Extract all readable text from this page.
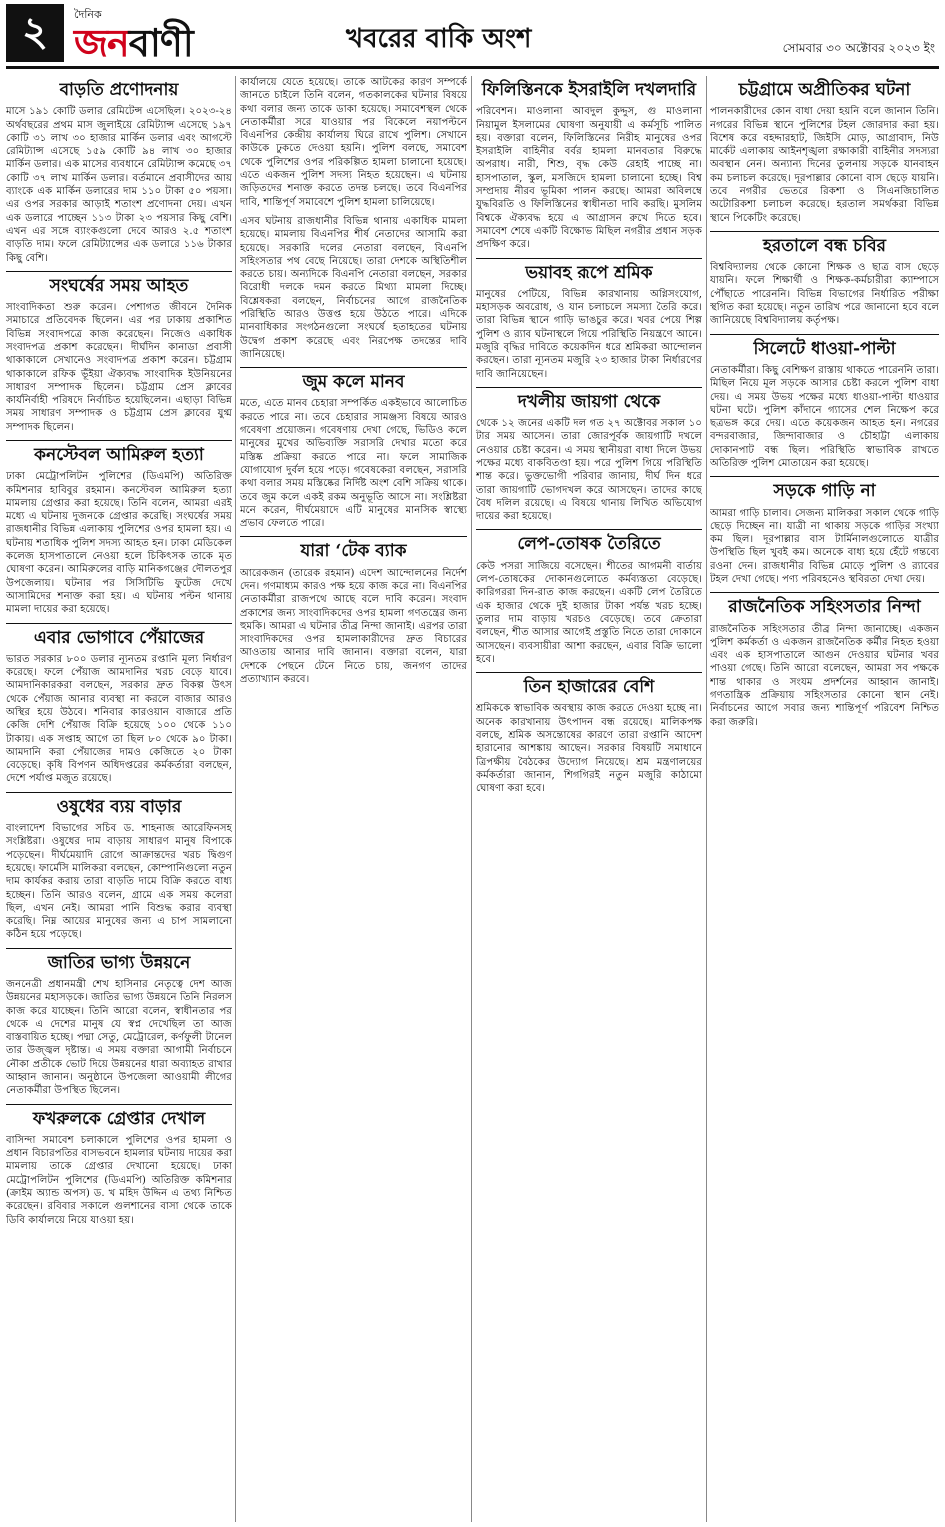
২	দৈনিক
জনবাণী	খবরের বাকি অংশ	সোমবার ৩০ অক্টোবর ২০২৩ ইং
বাড়তি প্রণোদনায়
মাসে ১৯১ কোটি ডলার রেমিটেন্স এসেছিল। ২০২৩-২৪ অর্থবছরের প্রথম মাস জুলাইয়ে রেমিট্যান্স এসেছে ১৯৭ কোটি ৩১ লাখ ৩০ হাজার মার্কিন ডলার এবং আগস্টে রেমিট্যান্স এসেছে ১৫৯ কোটি ৯৪ লাখ ৩০ হাজার মার্কিন ডলার। এক মাসের ব্যবধানে রেমিট্যান্স কমেছে ৩৭ কোটি ৩৭ লাখ মার্কিন ডলার। বর্তমানে প্রবাসীদের আয় ব্যাংকে এক মার্কিন ডলারের দাম ১১০ টাকা ৫০ পয়সা। এর ওপর সরকার আড়াই শতাংশ প্রণোদনা দেয়। এখন এক ডলারে পাচ্ছেন ১১৩ টাকা ২৩ পয়সার কিছু বেশি। এখন এর সঙ্গে ব্যাংকগুলো দেবে আরও ২.৫ শতাংশ বাড়তি দাম। ফলে রেমিট্যান্সের এক ডলারে ১১৬ টাকার কিছু বেশি।
সংঘর্ষের সময় আহত
সাংবাদিকতা শুরু করেন। পেশাগত জীবনে দৈনিক সমাচারে প্রতিবেদক ছিলেন। এর পর ঢাকায় প্রকাশিত বিভিন্ন সংবাদপত্রে কাজ করেছেন। নিজেও একাধিক সংবাদপত্র প্রকাশ করেছেন। দীর্ঘদিন কানাডা প্রবাসী থাকাকালে সেখানেও সংবাদপত্র প্রকাশ করেন। চট্টগ্রাম থাকাকালে রফিক ভূঁইয়া ঐক্যবদ্ধ সাংবাদিক ইউনিয়নের সাধারণ সম্পাদক ছিলেন। চট্টগ্রাম প্রেস ক্লাবের কার্যনির্বাহী পরিষদে নির্বাচিত হয়েছিলেন। এছাড়া বিভিন্ন সময় সাধারণ সম্পাদক ও চট্টগ্রাম প্রেস ক্লাবের যুগ্ম সম্পাদক ছিলেন।
কনস্টেবল আমিরুল হত্যা
ঢাকা মেট্রোপলিটন পুলিশের (ডিএমপি) অতিরিক্ত কমিশনার হাবিবুর রহমান। কনস্টেবল আমিরুল হত্যা মামলায় গ্রেপ্তার করা হয়েছে। তিনি বলেন, আমরা এরই মধ্যে এ ঘটনায় দুজনকে গ্রেপ্তার করেছি। সংঘর্ষের সময় রাজধানীর বিভিন্ন এলাকায় পুলিশের ওপর হামলা হয়। এ ঘটনায় শতাধিক পুলিশ সদস্য আহত হন। ঢাকা মেডিকেল কলেজ হাসপাতালে নেওয়া হলে চিকিৎসক তাকে মৃত ঘোষণা করেন। আমিরুলের বাড়ি মানিকগঞ্জের দৌলতপুর উপজেলায়। ঘটনার পর সিসিটিভি ফুটেজ দেখে আসামিদের শনাক্ত করা হয়। এ ঘটনায় পল্টন থানায় মামলা দায়ের করা হয়েছে।
এবার ভোগাবে পেঁয়াজের
ভারত সরকার ৮০০ ডলার ন্যূনতম রপ্তানি মূল্য নির্ধারণ করেছে। ফলে পেঁয়াজ আমদানির খরচ বেড়ে যাবে। আমদানিকারকরা বলছেন, সরকার দ্রুত বিকল্প উৎস থেকে পেঁয়াজ আনার ব্যবস্থা না করলে বাজার আরও অস্থির হয়ে উঠবে। শনিবার কারওয়ান বাজারে প্রতি কেজি দেশি পেঁয়াজ বিক্রি হয়েছে ১০০ থেকে ১১০ টাকায়। এক সপ্তাহ আগে তা ছিল ৮০ থেকে ৯০ টাকা। আমদানি করা পেঁয়াজের দামও কেজিতে ২০ টাকা বেড়েছে। কৃষি বিপণন অধিদপ্তরের কর্মকর্তারা বলছেন, দেশে পর্যাপ্ত মজুত রয়েছে।
ওষুধের ব্যয় বাড়ার
বাংলাদেশ বিভাগের সচিব ড. শাহনাজ আরেফিনসহ সংশ্লিষ্টরা। ওষুধের দাম বাড়ায় সাধারণ মানুষ বিপাকে পড়েছেন। দীর্ঘমেয়াদি রোগে আক্রান্তদের খরচ দ্বিগুণ হয়েছে। ফার্মেসি মালিকরা বলছেন, কোম্পানিগুলো নতুন দাম কার্যকর করায় তারা বাড়তি দামে বিক্রি করতে বাধ্য হচ্ছেন। তিনি আরও বলেন, গ্রামে এক সময় কলেরা ছিল, এখন নেই। আমরা পানি বিশুদ্ধ করার ব্যবস্থা করেছি। নিম্ন আয়ের মানুষের জন্য এ চাপ সামলানো কঠিন হয়ে পড়েছে।
জাতির ভাগ্য উন্নয়নে
জননেত্রী প্রধানমন্ত্রী শেখ হাসিনার নেতৃত্বে দেশ আজ উন্নয়নের মহাসড়কে। জাতির ভাগ্য উন্নয়নে তিনি নিরলস কাজ করে যাচ্ছেন। তিনি আরো বলেন, স্বাধীনতার পর থেকে এ দেশের মানুষ যে স্বপ্ন দেখেছিল তা আজ বাস্তবায়িত হচ্ছে। পদ্মা সেতু, মেট্রোরেল, কর্ণফুলী টানেল তার উজ্জ্বল দৃষ্টান্ত। এ সময় বক্তারা আগামী নির্বাচনে নৌকা প্রতীকে ভোট দিয়ে উন্নয়নের ধারা অব্যাহত রাখার আহ্বান জানান। অনুষ্ঠানে উপজেলা আওয়ামী লীগের নেতাকর্মীরা উপস্থিত ছিলেন।
ফখরুলকে গ্রেপ্তার দেখাল
বাসিন্দা সমাবেশ চলাকালে পুলিশের ওপর হামলা ও প্রধান বিচারপতির বাসভবনে হামলার ঘটনায় দায়ের করা মামলায় তাকে গ্রেপ্তার দেখানো হয়েছে। ঢাকা মেট্রোপলিটন পুলিশের (ডিএমপি) অতিরিক্ত কমিশনার (ক্রাইম অ্যান্ড অপস) ড. খ মহিদ উদ্দিন এ তথ্য নিশ্চিত করেছেন। রবিবার সকালে গুলশানের বাসা থেকে তাকে ডিবি কার্যালয়ে নিয়ে যাওয়া হয়।
কার্যালয়ে যেতে হয়েছে। তাকে আটকের কারণ সম্পর্কে জানতে চাইলে তিনি বলেন, গতকালকের ঘটনার বিষয়ে কথা বলার জন্য তাকে ডাকা হয়েছে। সমাবেশস্থল থেকে নেতাকর্মীরা সরে যাওয়ার পর বিকেলে নয়াপল্টনে বিএনপির কেন্দ্রীয় কার্যালয় ঘিরে রাখে পুলিশ। সেখানে কাউকে ঢুকতে দেওয়া হয়নি। পুলিশ বলছে, সমাবেশ থেকে পুলিশের ওপর পরিকল্পিত হামলা চালানো হয়েছে। এতে একজন পুলিশ সদস্য নিহত হয়েছেন। এ ঘটনায় জড়িতদের শনাক্ত করতে তদন্ত চলছে। তবে বিএনপির দাবি, শান্তিপূর্ণ সমাবেশে পুলিশ হামলা চালিয়েছে।
এসব ঘটনায় রাজধানীর বিভিন্ন থানায় একাধিক মামলা হয়েছে। মামলায় বিএনপির শীর্ষ নেতাদের আসামি করা হয়েছে। সরকারি দলের নেতারা বলছেন, বিএনপি সহিংসতার পথ বেছে নিয়েছে। তারা দেশকে অস্থিতিশীল করতে চায়। অন্যদিকে বিএনপি নেতারা বলছেন, সরকার বিরোধী দলকে দমন করতে মিথ্যা মামলা দিচ্ছে। বিশ্লেষকরা বলছেন, নির্বাচনের আগে রাজনৈতিক পরিস্থিতি আরও উত্তপ্ত হয়ে উঠতে পারে। এদিকে মানবাধিকার সংগঠনগুলো সংঘর্ষে হতাহতের ঘটনায় উদ্বেগ প্রকাশ করেছে এবং নিরপেক্ষ তদন্তের দাবি জানিয়েছে।
জুম কলে মানব
মতে, এতে মানব চেহারা সম্পর্কিত একইভাবে আলোচিত করতে পারে না। তবে চেহারার সামঞ্জস্য বিষয়ে আরও গবেষণা প্রয়োজন। গবেষণায় দেখা গেছে, ভিডিও কলে মানুষের মুখের অভিব্যক্তি সরাসরি দেখার মতো করে মস্তিষ্ক প্রক্রিয়া করতে পারে না। ফলে সামাজিক যোগাযোগ দুর্বল হয়ে পড়ে। গবেষকেরা বলছেন, সরাসরি কথা বলার সময় মস্তিষ্কের নির্দিষ্ট অংশ বেশি সক্রিয় থাকে। তবে জুম কলে একই রকম অনুভূতি আসে না। সংশ্লিষ্টরা মনে করেন, দীর্ঘমেয়াদে এটি মানুষের মানসিক স্বাস্থ্যে প্রভাব ফেলতে পারে।
যারা ‘টেক ব্যাক
আরেকজন (তারেক রহমান) এদেশ আন্দোলনের নির্দেশ দেন। গণমাধ্যম কারও পক্ষ হয়ে কাজ করে না। বিএনপির নেতাকর্মীরা রাজপথে আছে বলে দাবি করেন। সংবাদ প্রকাশের জন্য সাংবাদিকদের ওপর হামলা গণতন্ত্রের জন্য হুমকি। আমরা এ ঘটনার তীব্র নিন্দা জানাই। এরপর তারা সাংবাদিকদের ওপর হামলাকারীদের দ্রুত বিচারের আওতায় আনার দাবি জানান। বক্তারা বলেন, যারা দেশকে পেছনে টেনে নিতে চায়, জনগণ তাদের প্রত্যাখ্যান করবে।
ফিলিস্তিনকে ইসরাইলি দখলদারি
পরিবেশন। মাওলানা আবদুল কুদ্দুস, গু মাওলানা নিয়ামুল ইসলামের ঘোষণা অনুযায়ী এ কর্মসূচি পালিত হয়। বক্তারা বলেন, ফিলিস্তিনের নিরীহ মানুষের ওপর ইসরাইলি বাহিনীর বর্বর হামলা মানবতার বিরুদ্ধে অপরাধ। নারী, শিশু, বৃদ্ধ কেউ রেহাই পাচ্ছে না। হাসপাতাল, স্কুল, মসজিদে হামলা চালানো হচ্ছে। বিশ্ব সম্প্রদায় নীরব ভূমিকা পালন করছে। আমরা অবিলম্বে যুদ্ধবিরতি ও ফিলিস্তিনের স্বাধীনতা দাবি করছি। মুসলিম বিশ্বকে ঐক্যবদ্ধ হয়ে এ আগ্রাসন রুখে দিতে হবে। সমাবেশ শেষে একটি বিক্ষোভ মিছিল নগরীর প্রধান সড়ক প্রদক্ষিণ করে।
ভয়াবহ রূপে শ্রমিক
মানুষের পেটিয়ে, বিভিন্ন কারখানায় অগ্নিসংযোগ, মহাসড়ক অবরোধ, ও যান চলাচলে সমস্যা তৈরি করে। তারা বিভিন্ন স্থানে গাড়ি ভাঙচুর করে। খবর পেয়ে শিল্প পুলিশ ও র‍্যাব ঘটনাস্থলে গিয়ে পরিস্থিতি নিয়ন্ত্রণে আনে। মজুরি বৃদ্ধির দাবিতে কয়েকদিন ধরে শ্রমিকরা আন্দোলন করছেন। তারা ন্যূনতম মজুরি ২৩ হাজার টাকা নির্ধারণের দাবি জানিয়েছেন।
দখলীয় জায়গা থেকে
থেকে ১২ জনের একটি দল গত ২৭ অক্টোবর সকাল ১০ টার সময় আসেন। তারা জোরপূর্বক জায়গাটি দখলে নেওয়ার চেষ্টা করেন। এ সময় স্থানীয়রা বাধা দিলে উভয় পক্ষের মধ্যে বাকবিতণ্ডা হয়। পরে পুলিশ গিয়ে পরিস্থিতি শান্ত করে। ভুক্তভোগী পরিবার জানায়, দীর্ঘ দিন ধরে তারা জায়গাটি ভোগদখল করে আসছেন। তাদের কাছে বৈধ দলিল রয়েছে। এ বিষয়ে থানায় লিখিত অভিযোগ দায়ের করা হয়েছে।
লেপ-তোষক তৈরিতে
কেউ পসরা সাজিয়ে বসেছেন। শীতের আগমনী বার্তায় লেপ-তোষকের দোকানগুলোতে কর্মব্যস্ততা বেড়েছে। কারিগররা দিন-রাত কাজ করছেন। একটি লেপ তৈরিতে এক হাজার থেকে দুই হাজার টাকা পর্যন্ত খরচ হচ্ছে। তুলার দাম বাড়ায় খরচও বেড়েছে। তবে ক্রেতারা বলছেন, শীত আসার আগেই প্রস্তুতি নিতে তারা দোকানে আসছেন। ব্যবসায়ীরা আশা করছেন, এবার বিক্রি ভালো হবে।
তিন হাজারের বেশি
শ্রমিককে স্বাভাবিক অবস্থায় কাজ করতে দেওয়া হচ্ছে না। অনেক কারখানায় উৎপাদন বন্ধ রয়েছে। মালিকপক্ষ বলছে, শ্রমিক অসন্তোষের কারণে তারা রপ্তানি আদেশ হারানোর আশঙ্কায় আছেন। সরকার বিষয়টি সমাধানে ত্রিপক্ষীয় বৈঠকের উদ্যোগ নিয়েছে। শ্রম মন্ত্রণালয়ের কর্মকর্তারা জানান, শিগগিরই নতুন মজুরি কাঠামো ঘোষণা করা হবে।
চট্টগ্রামে অপ্রীতিকর ঘটনা
পালনকারীদের কোন বাধা দেয়া হয়নি বলে জানান তিনি। নগরের বিভিন্ন স্থানে পুলিশের টহল জোরদার করা হয়। বিশেষ করে বহদ্দারহাট, জিইসি মোড়, আগ্রাবাদ, নিউ মার্কেট এলাকায় আইনশৃঙ্খলা রক্ষাকারী বাহিনীর সদস্যরা অবস্থান নেন। অন্যান্য দিনের তুলনায় সড়কে যানবাহন কম চলাচল করেছে। দূরপাল্লার কোনো বাস ছেড়ে যায়নি। তবে নগরীর ভেতরে রিকশা ও সিএনজিচালিত অটোরিকশা চলাচল করেছে। হরতাল সমর্থকরা বিভিন্ন স্থানে পিকেটিং করেছে।
হরতালে বন্ধ চবির
বিশ্ববিদ্যালয় থেকে কোনো শিক্ষক ও ছাত্র বাস ছেড়ে যায়নি। ফলে শিক্ষার্থী ও শিক্ষক-কর্মচারীরা ক্যাম্পাসে পৌঁছাতে পারেননি। বিভিন্ন বিভাগের নির্ধারিত পরীক্ষা স্থগিত করা হয়েছে। নতুন তারিখ পরে জানানো হবে বলে জানিয়েছে বিশ্ববিদ্যালয় কর্তৃপক্ষ।
সিলেটে ধাওয়া-পাল্টা
নেতাকর্মীরা। কিছু বেশিক্ষণ রাস্তায় থাকতে পারেননি তারা। মিছিল নিয়ে মূল সড়কে আসার চেষ্টা করলে পুলিশ বাধা দেয়। এ সময় উভয় পক্ষের মধ্যে ধাওয়া-পাল্টা ধাওয়ার ঘটনা ঘটে। পুলিশ কাঁদানে গ্যাসের শেল নিক্ষেপ করে ছত্রভঙ্গ করে দেয়। এতে কয়েকজন আহত হন। নগরের বন্দরবাজার, জিন্দাবাজার ও চৌহাট্টা এলাকায় দোকানপাট বন্ধ ছিল। পরিস্থিতি স্বাভাবিক রাখতে অতিরিক্ত পুলিশ মোতায়েন করা হয়েছে।
সড়কে গাড়ি না
আমরা গাড়ি চালাব। সেজন্য মালিকরা সকাল থেকে গাড়ি ছেড়ে দিচ্ছেন না। যাত্রী না থাকায় সড়কে গাড়ির সংখ্যা কম ছিল। দূরপাল্লার বাস টার্মিনালগুলোতে যাত্রীর উপস্থিতি ছিল খুবই কম। অনেকে বাধ্য হয়ে হেঁটে গন্তব্যে রওনা দেন। রাজধানীর বিভিন্ন মোড়ে পুলিশ ও র‍্যাবের টহল দেখা গেছে। পণ্য পরিবহনেও স্থবিরতা দেখা দেয়।
রাজনৈতিক সহিংসতার নিন্দা
রাজনৈতিক সহিংসতার তীব্র নিন্দা জানাচ্ছে। একজন পুলিশ কর্মকর্তা ও একজন রাজনৈতিক কর্মীর নিহত হওয়া এবং এক হাসপাতালে আগুন দেওয়ার ঘটনার খবর পাওয়া গেছে। তিনি আরো বলেছেন, আমরা সব পক্ষকে শান্ত থাকার ও সংযম প্রদর্শনের আহ্বান জানাই। গণতান্ত্রিক প্রক্রিয়ায় সহিংসতার কোনো স্থান নেই। নির্বাচনের আগে সবার জন্য শান্তিপূর্ণ পরিবেশ নিশ্চিত করা জরুরি।
